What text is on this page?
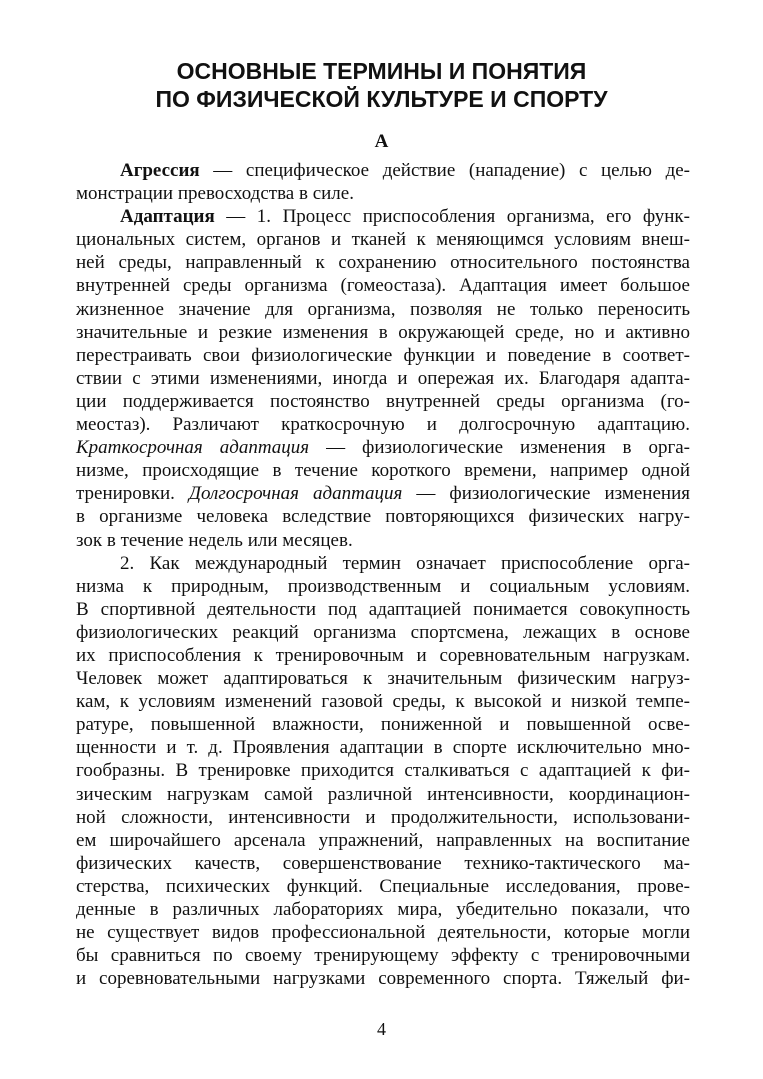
ОСНОВНЫЕ ТЕРМИНЫ И ПОНЯТИЯ
ПО ФИЗИЧЕСКОЙ КУЛЬТУРЕ И СПОРТУ
А
Агрессия — специфическое действие (нападение) с целью де-
монстрации превосходства в силе.
Адаптация — 1. Процесс приспособления организма, его функ-
циональных систем, органов и тканей к меняющимся условиям внеш-
ней среды, направленный к сохранению относительного постоянства
внутренней среды организма (гомеостаза). Адаптация имеет большое
жизненное значение для организма, позволяя не только переносить
значительные и резкие изменения в окружающей среде, но и активно
перестраивать свои физиологические функции и поведение в соответ-
ствии с этими изменениями, иногда и опережая их. Благодаря адапта-
ции поддерживается постоянство внутренней среды организма (го-
меостаз). Различают краткосрочную и долгосрочную адаптацию.
Краткосрочная адаптация — физиологические изменения в орга-
низме, происходящие в течение короткого времени, например одной
тренировки. Долгосрочная адаптация — физиологические изменения
в организме человека вследствие повторяющихся физических нагру-
зок в течение недель или месяцев.
2. Как международный термин означает приспособление орга-
низма к природным, производственным и социальным условиям.
В спортивной деятельности под адаптацией понимается совокупность
физиологических реакций организма спортсмена, лежащих в основе
их приспособления к тренировочным и соревновательным нагрузкам.
Человек может адаптироваться к значительным физическим нагруз-
кам, к условиям изменений газовой среды, к высокой и низкой темпе-
ратуре, повышенной влажности, пониженной и повышенной осве-
щенности и т. д. Проявления адаптации в спорте исключительно мно-
гообразны. В тренировке приходится сталкиваться с адаптацией к фи-
зическим нагрузкам самой различной интенсивности, координацион-
ной сложности, интенсивности и продолжительности, использовани-
ем широчайшего арсенала упражнений, направленных на воспитание
физических качеств, совершенствование технико-тактического ма-
стерства, психических функций. Специальные исследования, прове-
денные в различных лабораториях мира, убедительно показали, что
не существует видов профессиональной деятельности, которые могли
бы сравниться по своему тренирующему эффекту с тренировочными
и соревновательными нагрузками современного спорта. Тяжелый фи-
4
